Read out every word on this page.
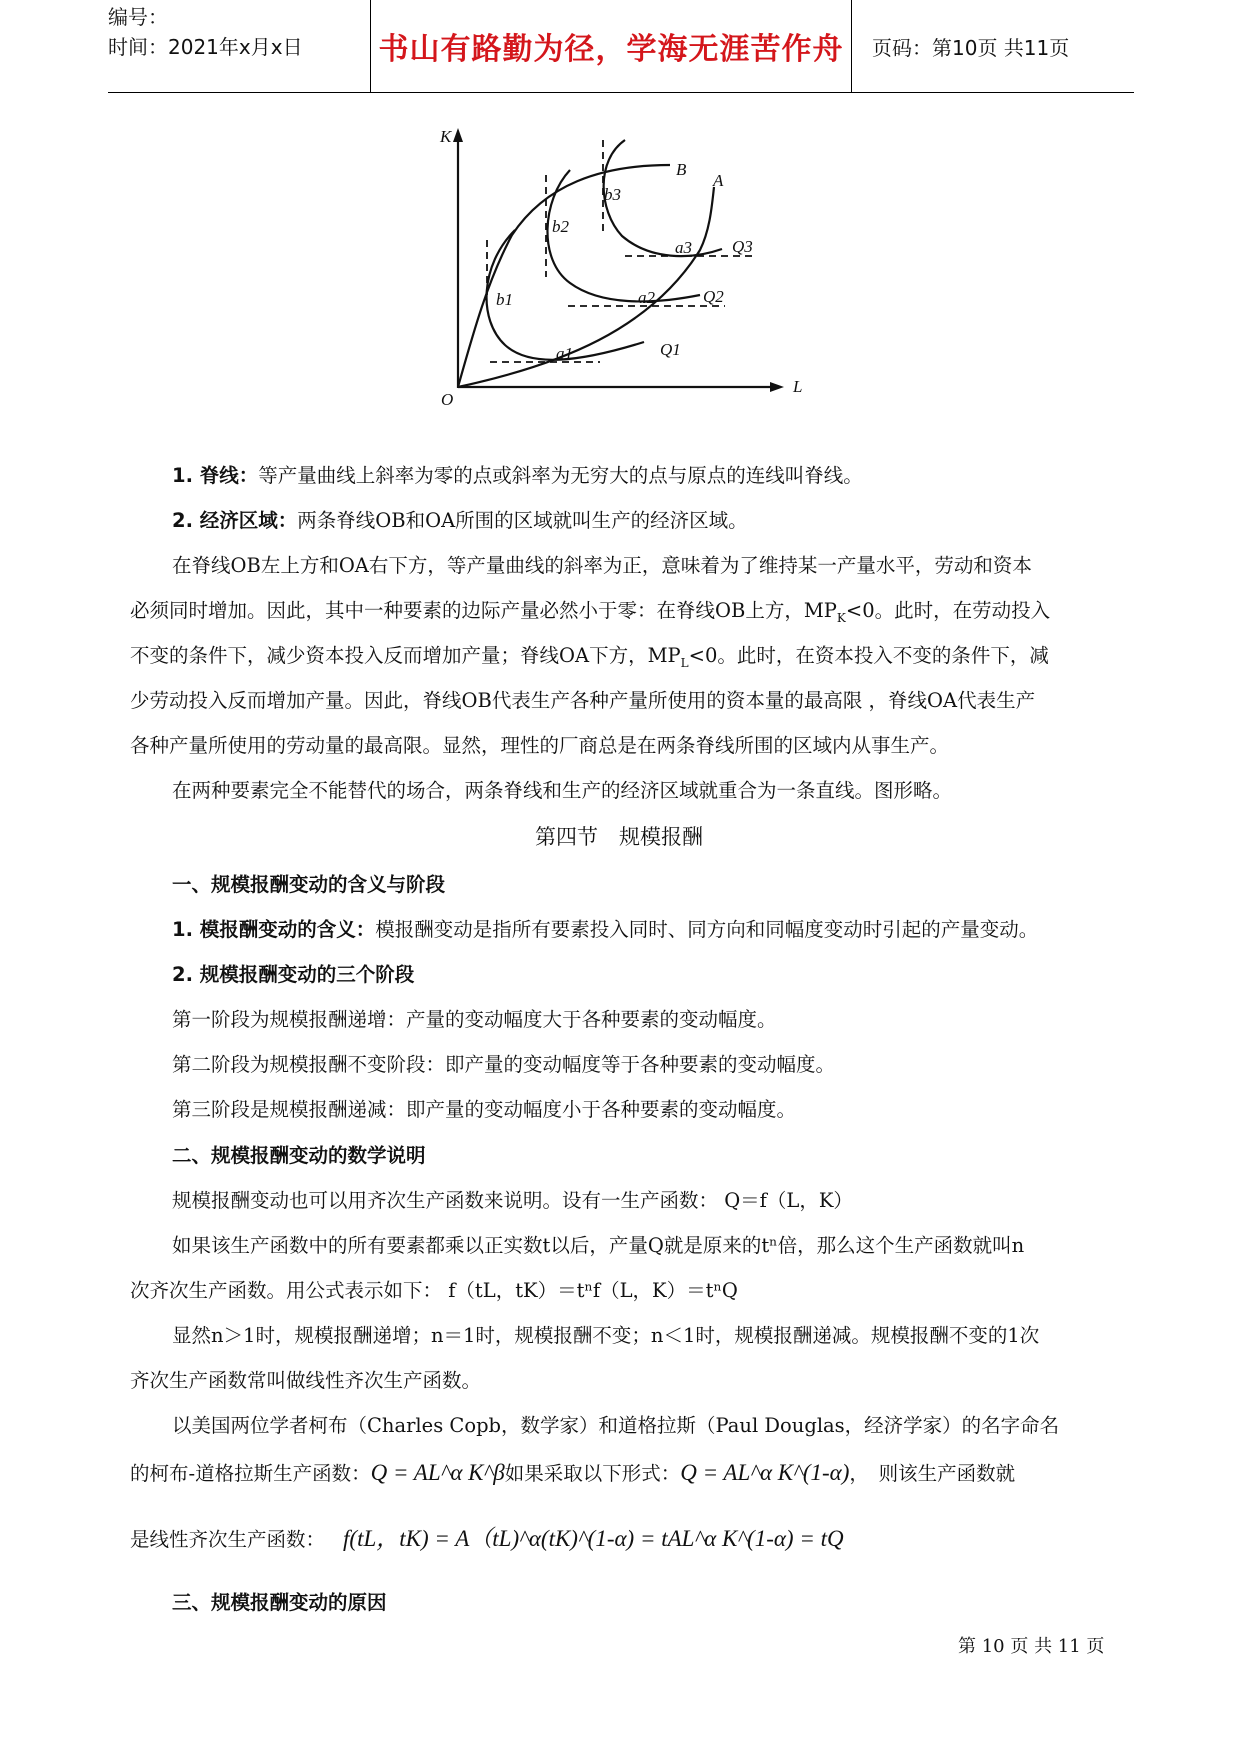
编号：
时间：2021年x月x日	书山有路勤为径，学海无涯苦作舟 页码：第10页 共11页
K
L
O
B
A
Q1
Q2
Q3
a1
a2
a3
b1
b2
b3
1. 脊线：等产量曲线上斜率为零的点或斜率为无穷大的点与原点的连线叫脊线。
2. 经济区域：两条脊线OB和OA所围的区域就叫生产的经济区域。
在脊线OB左上方和OA右下方，等产量曲线的斜率为正，意味着为了维持某一产量水平，劳动和资本
必须同时增加。因此，其中一种要素的边际产量必然小于零：在脊线OB上方，$MP_K<0$。此时，在劳动投入
不变的条件下，减少资本投入反而增加产量；脊线OA下方，$MP_L<0$。此时，在资本投入不变的条件下，减
少劳动投入反而增加产量。因此，脊线OB代表生产各种产量所使用的资本量的最高限 ，脊线OA代表生产
各种产量所使用的劳动量的最高限。显然，理性的厂商总是在两条脊线所围的区域内从事生产。
在两种要素完全不能替代的场合，两条脊线和生产的经济区域就重合为一条直线。图形略。
第四节　规模报酬
一、规模报酬变动的含义与阶段
1. 模报酬变动的含义：模报酬变动是指所有要素投入同时、同方向和同幅度变动时引起的产量变动。
2. 规模报酬变动的三个阶段
第一阶段为规模报酬递增：产量的变动幅度大于各种要素的变动幅度。
第二阶段为规模报酬不变阶段：即产量的变动幅度等于各种要素的变动幅度。
第三阶段是规模报酬递减：即产量的变动幅度小于各种要素的变动幅度。
二、规模报酬变动的数学说明
规模报酬变动也可以用齐次生产函数来说明。设有一生产函数： Q＝f（L，K）
如果该生产函数中的所有要素都乘以正实数t以后，产量Q就是原来的tⁿ倍，那么这个生产函数就叫n
次齐次生产函数。用公式表示如下： f（tL，tK）＝tⁿf（L，K）＝tⁿQ
显然n＞1时，规模报酬递增；n＝1时，规模报酬不变；n＜1时，规模报酬递减。规模报酬不变的1次
齐次生产函数常叫做线性齐次生产函数。
以美国两位学者柯布（Charles Copb，数学家）和道格拉斯（Paul Douglas，经济学家）的名字命名
的柯布-道格拉斯生产函数：Q = AL^α K^β如果采取以下形式：Q = AL^α K^(1-α)，　则该生产函数就
是线性齐次生产函数： f(tL，tK) = A（tL)^α(tK)^(1-α) = tAL^α K^(1-α) = tQ
三、规模报酬变动的原因
第 10 页 共 11 页
